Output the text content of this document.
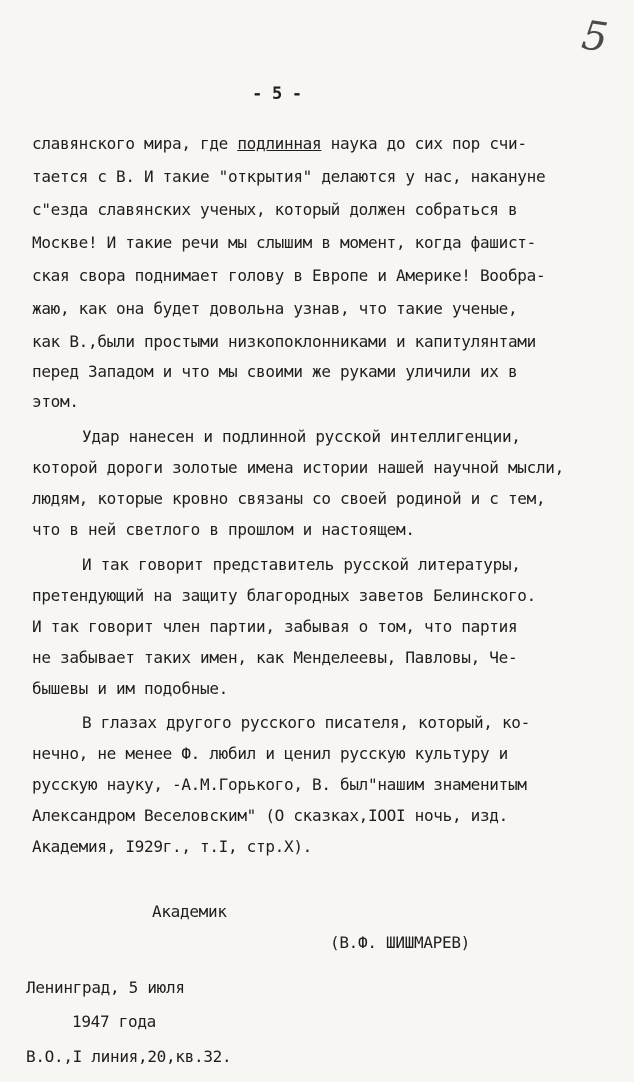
5
- 5 -
славянского мира, где подлинная наука до сих пор счи-
тается с В. И такие "открытия" делаются у нас, накануне
с"езда славянских ученых, который должен собраться в
Москве! И такие речи мы слышим в момент, когда фашист-
ская свора поднимает голову в Европе и Америке! Вообра-
жаю, как она будет довольна узнав, что такие ученые,
как В.,были простыми низкопоклонниками и капитулянтами
перед Западом и что мы своими же руками уличили их в
этом.
Удар нанесен и подлинной русской интеллигенции,
которой дороги золотые имена истории нашей научной мысли,
людям, которые кровно связаны со своей родиной и с тем,
что в ней светлого в прошлом и настоящем.
И так говорит представитель русской литературы,
претендующий на защиту благородных заветов Белинского.
И так говорит член партии, забывая о том, что партия
не забывает таких имен, как Менделеевы, Павловы, Че-
бышевы и им подобные.
В глазах другого русского писателя, который, ко-
нечно, не менее Ф. любил и ценил русскую культуру и
русскую науку, -А.М.Горького, В. был"нашим знаменитым
Александром Веселовским" (О сказках,IOOI ночь, изд.
Академия, I929г., т.I, стр.X).
Академик
(В.Ф. ШИШМАРЕВ)
Ленинград, 5 июля
1947 года
В.О.,I линия,20,кв.32.
